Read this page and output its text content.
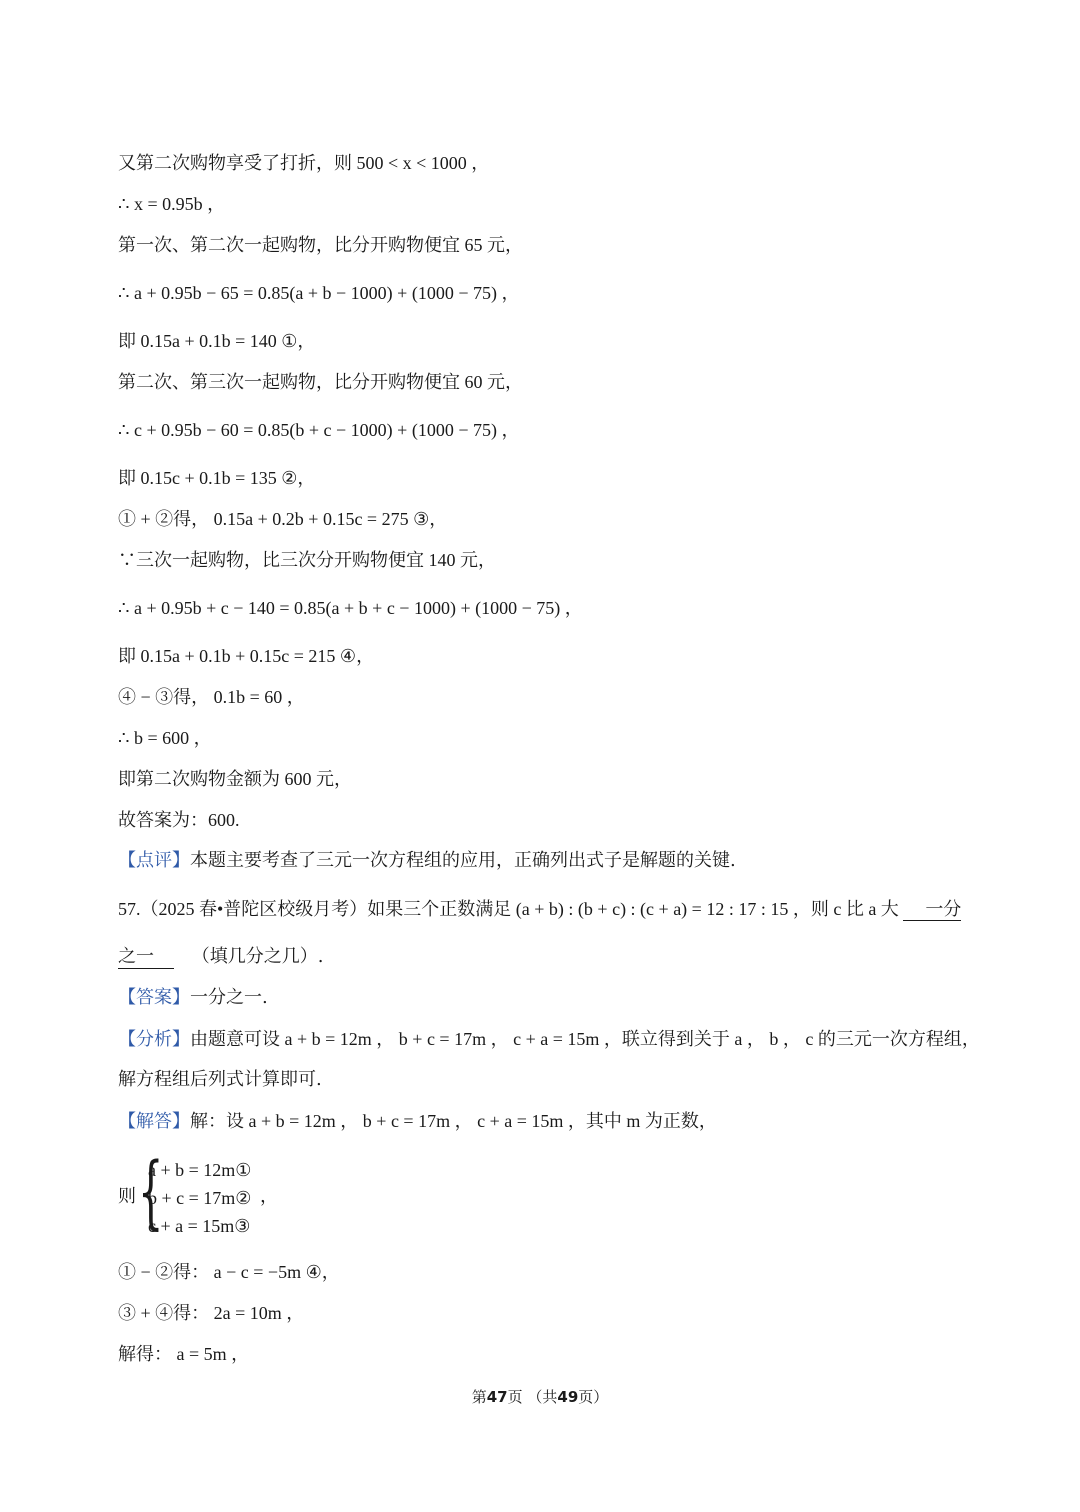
又第二次购物享受了打折，则 500 < x < 1000 ，
∴ x = 0.95b ，
第一次、第二次一起购物，比分开购物便宜 65 元，
∴ a + 0.95b − 65 = 0.85(a + b − 1000) + (1000 − 75) ，
即 0.15a + 0.1b = 140 ①，
第二次、第三次一起购物，比分开购物便宜 60 元，
∴ c + 0.95b − 60 = 0.85(b + c − 1000) + (1000 − 75) ，
即 0.15c + 0.1b = 135 ②，
① + ②得， 0.15a + 0.2b + 0.15c = 275 ③，
∵三次一起购物，比三次分开购物便宜 140 元，
∴ a + 0.95b + c − 140 = 0.85(a + b + c − 1000) + (1000 − 75) ，
即 0.15a + 0.1b + 0.15c = 215 ④，
④ − ③得， 0.1b = 60 ，
∴ b = 600 ，
即第二次购物金额为 600 元，
故答案为：600.
【点评】本题主要考查了三元一次方程组的应用，正确列出式子是解题的关键.
57.（2025 春•普陀区校级月考）如果三个正数满足 (a + b) : (b + c) : (c + a) = 12 : 17 : 15 ，则 c 比 a 大 一分
之一 （填几分之几）.
【答案】一分之一.
【分析】由题意可设 a + b = 12m ， b + c = 17m ， c + a = 15m ，联立得到关于 a ， b ， c 的三元一次方程组，
解方程组后列式计算即可.
【解答】解：设 a + b = 12m ， b + c = 17m ， c + a = 15m ，其中 m 为正数，
则 {
a + b = 12m①
b + c = 17m②
c + a = 15m③
，
① − ②得： a − c = −5m ④，
③ + ④得： 2a = 10m ，
解得： a = 5m ，
第47页 （共49页）
